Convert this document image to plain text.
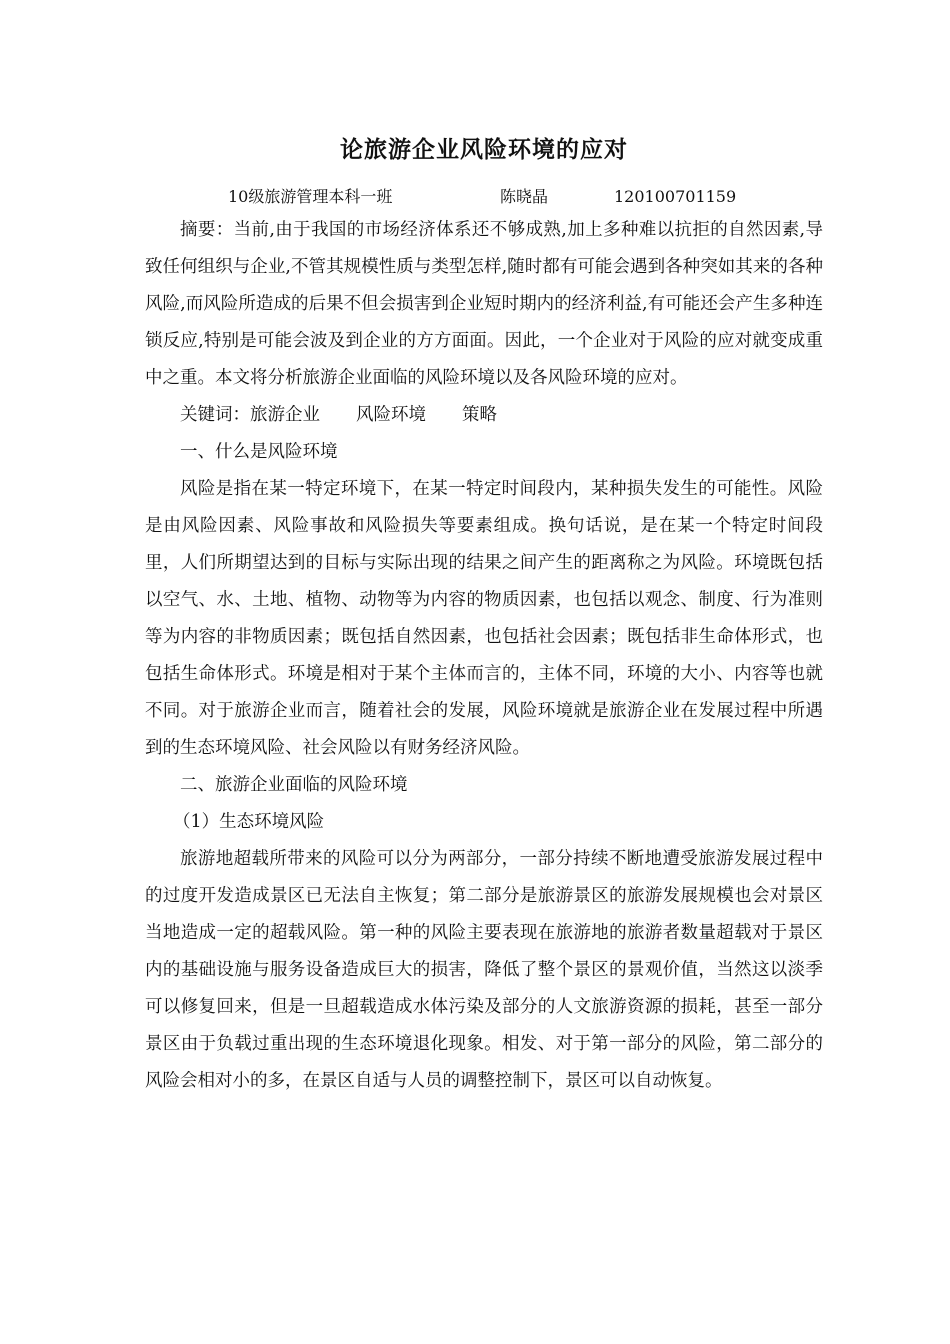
论旅游企业风险环境的应对
10级旅游管理本科一班	陈晓晶	120100701159

摘要：当前,由于我国的市场经济体系还不够成熟,加上多种难以抗拒的自然因素,导致任何组织与企业,不管其规模性质与类型怎样,随时都有可能会遇到各种突如其来的各种风险,而风险所造成的后果不但会损害到企业短时期内的经济利益,有可能还会产生多种连锁反应,特别是可能会波及到企业的方方面面。因此，一个企业对于风险的应对就变成重中之重。本文将分析旅游企业面临的风险环境以及各风险环境的应对。

关键词：旅游企业 风险环境 策略

一、什么是风险环境

风险是指在某一特定环境下，在某一特定时间段内，某种损失发生的可能性。风险是由风险因素、风险事故和风险损失等要素组成。换句话说，是在某一个特定时间段里，人们所期望达到的目标与实际出现的结果之间产生的距离称之为风险。环境既包括以空气、水、土地、植物、动物等为内容的物质因素，也包括以观念、制度、行为准则等为内容的非物质因素；既包括自然因素，也包括社会因素；既包括非生命体形式，也包括生命体形式。环境是相对于某个主体而言的，主体不同，环境的大小、内容等也就不同。对于旅游企业而言，随着社会的发展，风险环境就是旅游企业在发展过程中所遇到的生态环境风险、社会风险以有财务经济风险。

二、旅游企业面临的风险环境

（1）生态环境风险

旅游地超载所带来的风险可以分为两部分，一部分持续不断地遭受旅游发展过程中的过度开发造成景区已无法自主恢复；第二部分是旅游景区的旅游发展规模也会对景区当地造成一定的超载风险。第一种的风险主要表现在旅游地的旅游者数量超载对于景区内的基础设施与服务设备造成巨大的损害，降低了整个景区的景观价值，当然这以淡季可以修复回来，但是一旦超载造成水体污染及部分的人文旅游资源的损耗，甚至一部分景区由于负载过重出现的生态环境退化现象。相发、对于第一部分的风险，第二部分的风险会相对小的多，在景区自适与人员的调整控制下，景区可以自动恢复。
